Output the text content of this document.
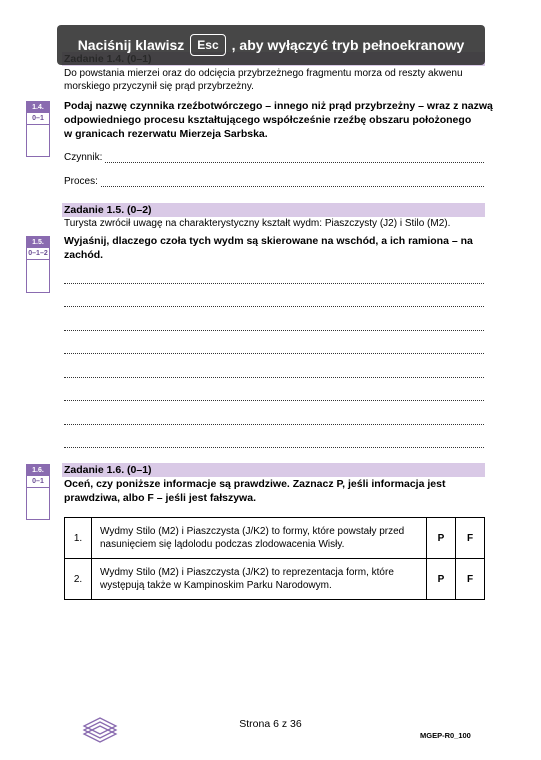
Do powstania mierzei oraz do odcięcia przybrzeżnego fragmentu morza od reszty akwenu
morskiego przyczynił się prąd przybrzeżny.
1.4.
0–1
Podaj nazwę czynnika rzeźbotwórczego – innego niż prąd przybrzeżny – wraz z nazwą
odpowiedniego procesu kształtującego współcześnie rzeźbę obszaru położonego
w granicach rezerwatu Mierzeja Sarbska.
Czynnik:
Proces:
Zadanie 1.5. (0–2)
Turysta zwrócił uwagę na charakterystyczny kształt wydm: Piaszczysty (J2) i Stilo (M2).
1.5.
0–1–2
Wyjaśnij, dlaczego czoła tych wydm są skierowane na wschód, a ich ramiona – na
zachód.
Zadanie 1.6. (0–1)
1.6.
0–1	Oceń, czy poniższe informacje są prawdziwe. Zaznacz P, jeśli informacja jest
prawdziwa, albo F – jeśli jest fałszywa.
1.	Wydmy Stilo (M2) i Piaszczysta (J/K2) to formy, które powstały przed
nasunięciem się lądolodu podczas zlodowacenia Wisły.	P	F
2.	Wydmy Stilo (M2) i Piaszczysta (J/K2) to reprezentacja form, które
występują także w Kampinoskim Parku Narodowym.	P	F
Strona 6 z 36
MGEP-R0_100
Naciśnij klawisz	Esc , aby wyłączyć tryb pełnoekranowy
